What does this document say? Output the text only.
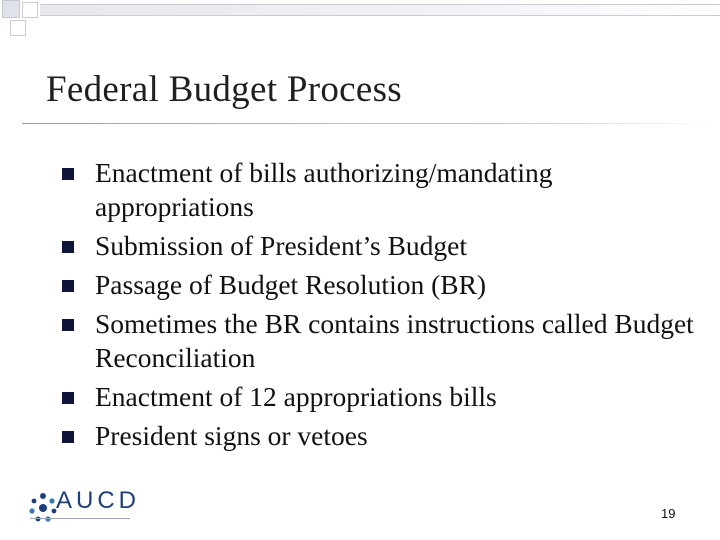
Federal Budget Process
Enactment of bills authorizing/mandating appropriations
Submission of President’s Budget
Passage of Budget Resolution (BR)
Sometimes the BR contains instructions called Budget Reconciliation
Enactment of 12 appropriations bills
President signs or vetoes
AUCD	19
